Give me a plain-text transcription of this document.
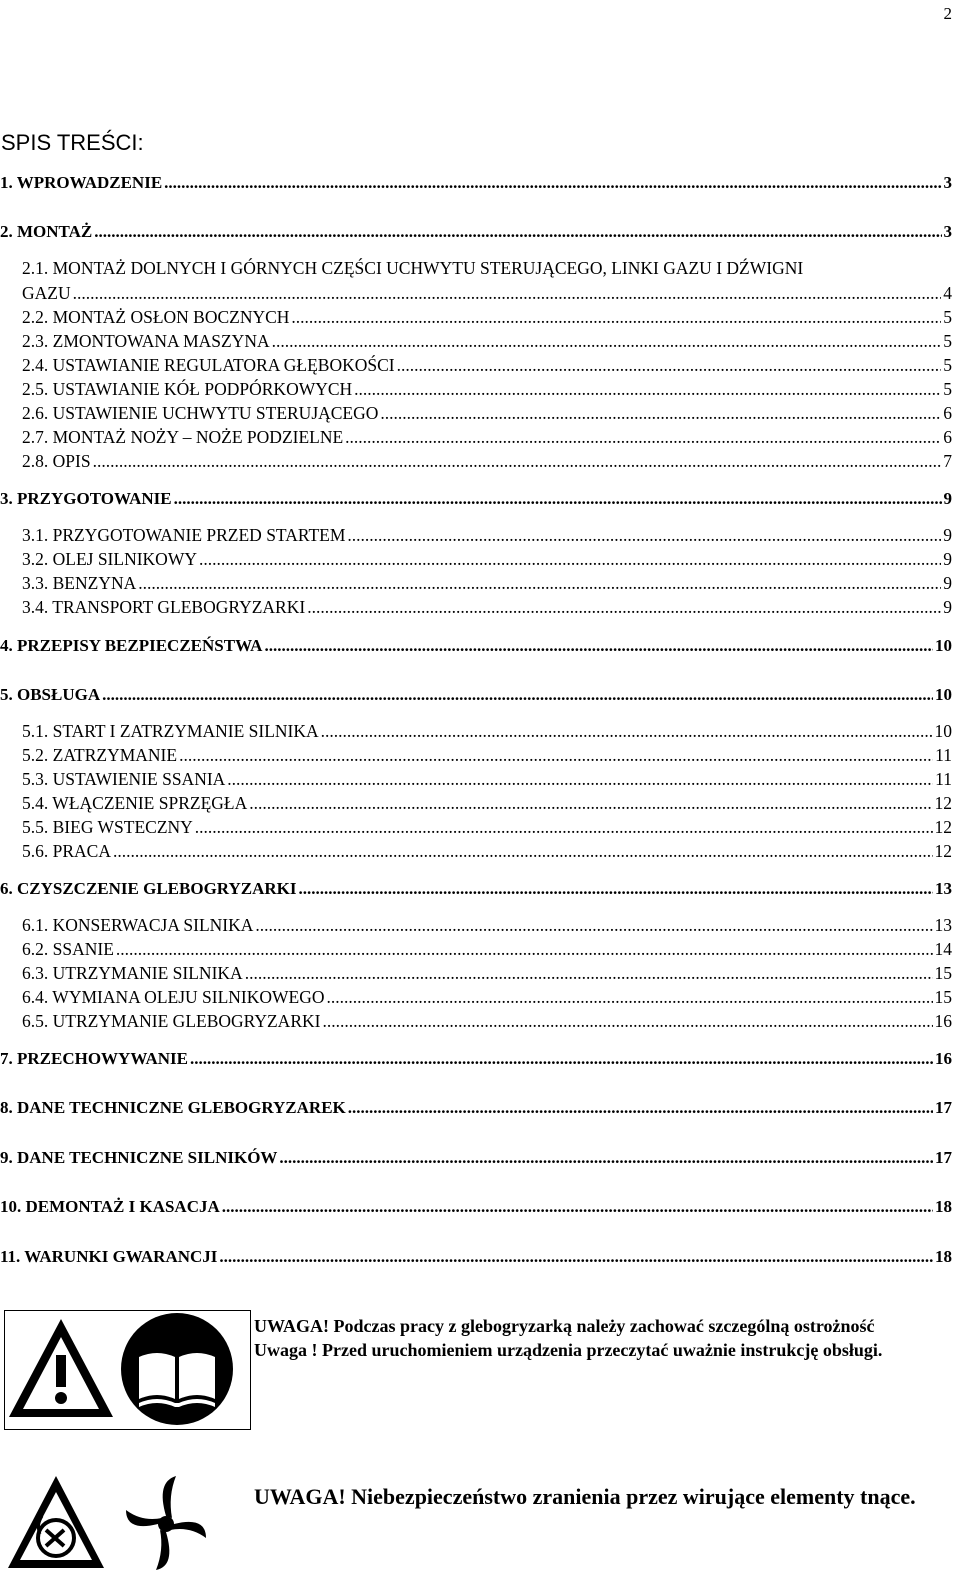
2
SPIS TREŚCI:
1. WPROWADZENIE .....	3
2. MONTAŻ .....	3
2.1. MONTAŻ DOLNYCH I GÓRNYCH CZĘŚCI UCHWYTU STERUJĄCEGO, LINKI GAZU I DŹWIGNI
GAZU .....	4
2.2. MONTAŻ OSŁON BOCZNYCH .....	5
2.3. ZMONTOWANA MASZYNA .....	5
2.4. USTAWIANIE REGULATORA GŁĘBOKOŚCI .....	5
2.5. USTAWIANIE KÓŁ PODPÓRKOWYCH .....	5
2.6. USTAWIENIE UCHWYTU STERUJĄCEGO .....	6
2.7. MONTAŻ NOŻY – NOŻE PODZIELNE .....	6
2.8. OPIS .....	7
3. PRZYGOTOWANIE .....	9
3.1. PRZYGOTOWANIE PRZED STARTEM .....	9
3.2. OLEJ SILNIKOWY .....	9
3.3. BENZYNA .....	9
3.4. TRANSPORT GLEBOGRYZARKI .....	9
4. PRZEPISY BEZPIECZEŃSTWA .....	10
5. OBSŁUGA .....	10
5.1. START I ZATRZYMANIE SILNIKA .....	10
5.2. ZATRZYMANIE .....	11
5.3. USTAWIENIE SSANIA .....	11
5.4. WŁĄCZENIE SPRZĘGŁA .....	12
5.5. BIEG WSTECZNY .....	12
5.6. PRACA .....	12
6. CZYSZCZENIE GLEBOGRYZARKI .....	13
6.1. KONSERWACJA SILNIKA .....	13
6.2. SSANIE .....	14
6.3. UTRZYMANIE SILNIKA .....	15
6.4. WYMIANA OLEJU SILNIKOWEGO .....	15
6.5. UTRZYMANIE GLEBOGRYZARKI .....	16
7. PRZECHOWYWANIE .....	16
8. DANE TECHNICZNE GLEBOGRYZAREK .....	17
9. DANE TECHNICZNE SILNIKÓW .....	17
10. DEMONTAŻ I KASACJA .....	18
11. WARUNKI GWARANCJI .....	18

UWAGA! Podczas pracy z glebogryzarką należy zachować szczególną ostrożność

Uwaga ! Przed uruchomieniem urządzenia przeczytać uważnie instrukcję obsługi.

UWAGA! Niebezpieczeństwo zranienia przez wirujące elementy tnące.
